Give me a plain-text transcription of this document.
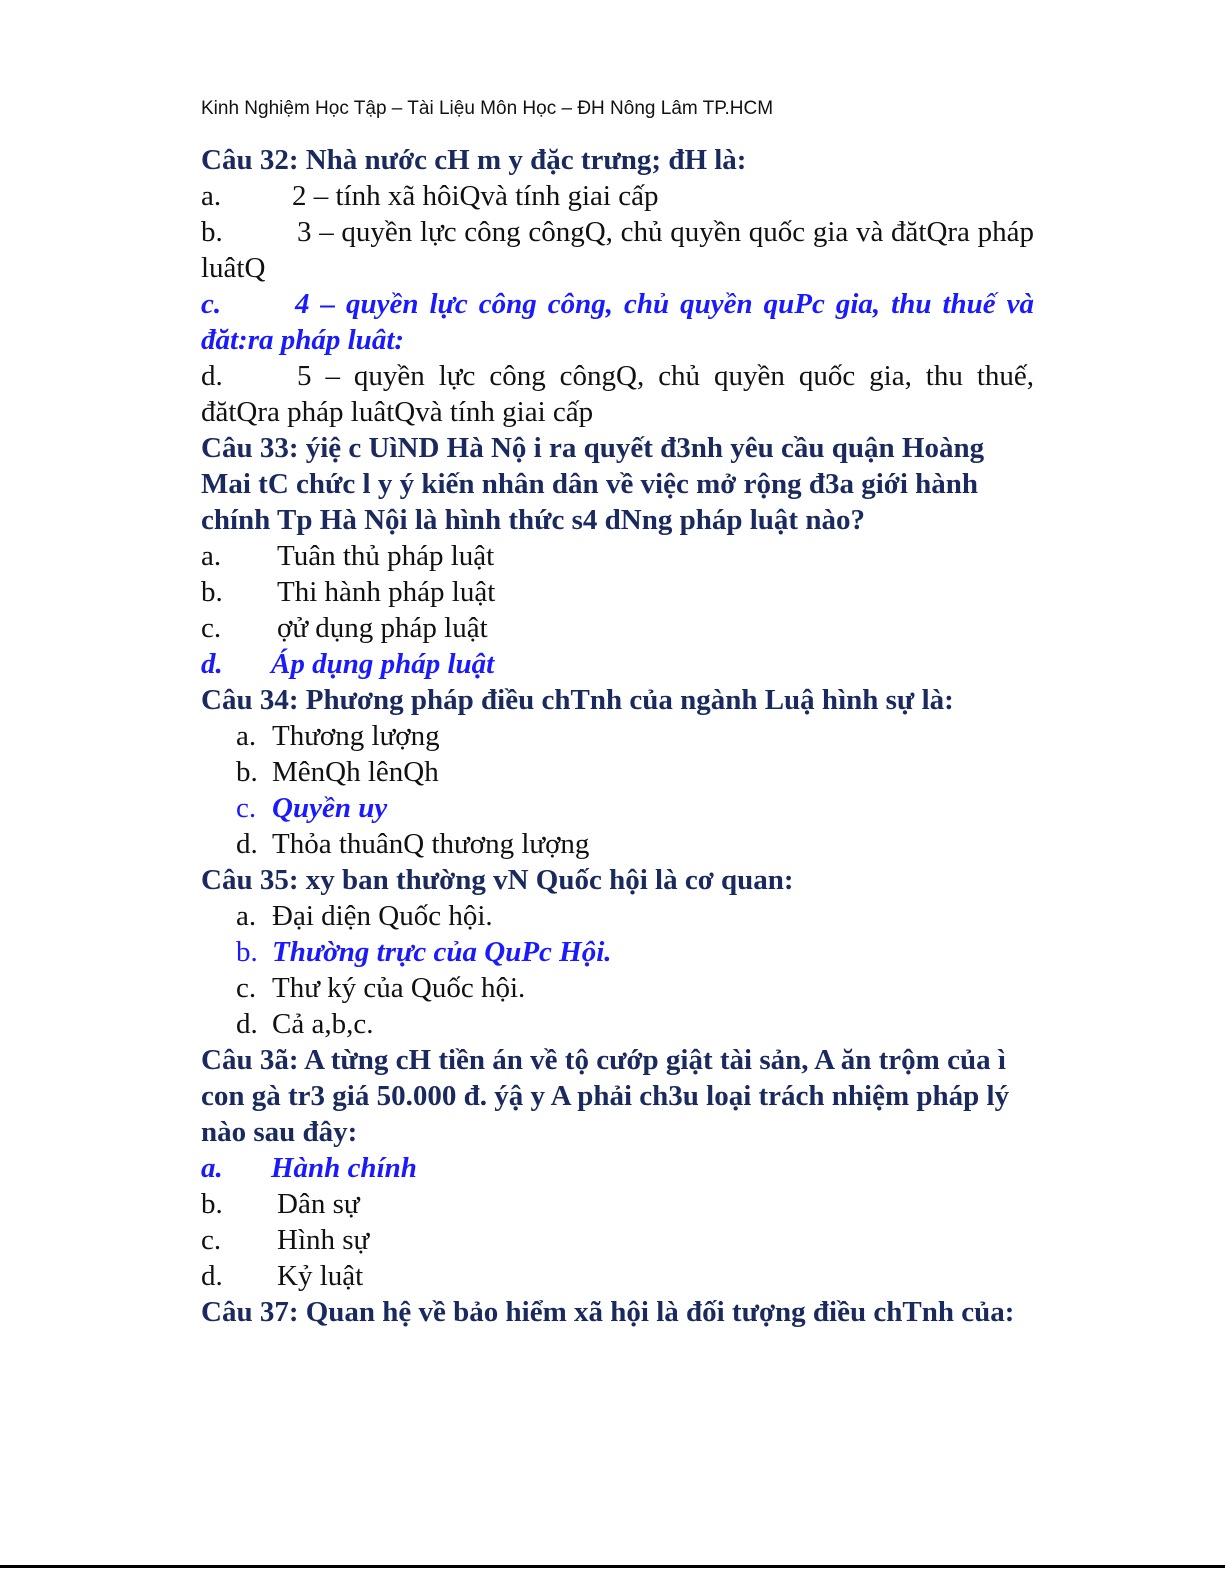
Kinh Nghiệm Học Tập – Tài Liệu Môn Học – ĐH Nông Lâm TP.HCM

Câu 32: Nhà nước cH m y đặc trưng; đH là:

a. 2 – tính xã hôiQvà tính giai cấp

b.	3 – quyền lực công côngQ, chủ quyền quốc gia và đătQra pháp luâtQ

c.	4 – quyền lực công công, chủ quyền quPc gia, thu thuế và đăt:ra pháp luât:

d.	5 – quyền lực công côngQ, chủ quyền quốc gia, thu thuế, đătQra pháp luâtQvà tính giai cấp

Câu 33: ýiệ c UìND Hà Nộ i ra quyết đ3nh yêu cầu quận Hoàng Mai tC chức l y ý kiến nhân dân về việc mở rộng đ3a giới hành chính Tp Hà Nội là hình thức s4 dNng pháp luật nào?

a. Tuân thủ pháp luật

b. Thi hành pháp luật

c. ợử dụng pháp luật

d. Áp dụng pháp luật

Câu 34: Phương pháp điều chTnh của ngành Luậ hình sự là:

a. Thương lượng

b. MênQh lênQh

c. Quyền uy

d. Thỏa thuânQ thương lượng

Câu 35: xy ban thường vN Quốc hội là cơ quan:

a. Đại diện Quốc hội.

b. Thường trực của QuPc Hội.

c. Thư ký của Quốc hội.

d. Cả a,b,c.

Câu 3ã: A từng cH tiền án về tộ cướp giật tài sản, A ăn trộm của ì con gà tr3 giá 50.000 đ. ýậ y A phải ch3u loại trách nhiệm pháp lý nào sau đây:

a. Hành chính

b. Dân sự

c. Hình sự

d. Kỷ luật

Câu 37: Quan hệ về bảo hiểm xã hội là đối tượng điều chTnh của:
